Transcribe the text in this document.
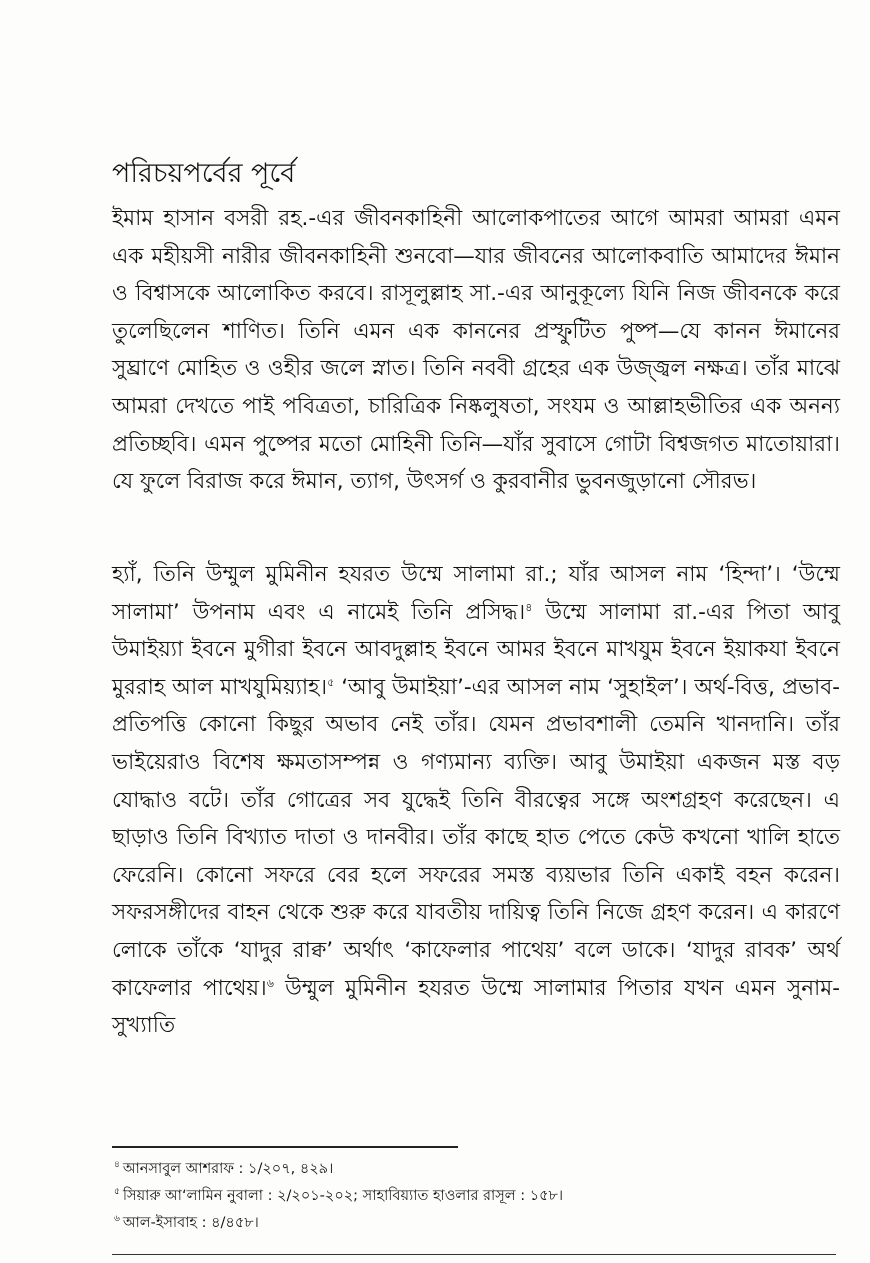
পরিচয়পর্বের পূর্বে

ইমাম হাসান বসরী রহ.-এর জীবনকাহিনী আলোকপাতের আগে আমরা আমরা এমন এক মহীয়সী নারীর জীবনকাহিনী শুনবো—যার জীবনের আলোকবাতি আমাদের ঈমান ও বিশ্বাসকে আলোকিত করবে। রাসূলুল্লাহ সা.-এর আনুকূল্যে যিনি নিজ জীবনকে করে তুলেছিলেন শাণিত। তিনি এমন এক কাননের প্রস্ফুটিত পুষ্প—যে কানন ঈমানের সুঘ্রাণে মোহিত ও ওহীর জলে স্নাত। তিনি নববী গ্রহের এক উজ্জ্বল নক্ষত্র। তাঁর মাঝে আমরা দেখতে পাই পবিত্রতা, চারিত্রিক নিষ্কলুষতা, সংযম ও আল্লাহভীতির এক অনন্য প্রতিচ্ছবি। এমন পুষ্পের মতো মোহিনী তিনি—যাঁর সুবাসে গোটা বিশ্বজগত মাতোয়ারা। যে ফুলে বিরাজ করে ঈমান, ত্যাগ, উৎসর্গ ও কুরবানীর ভুবনজুড়ানো সৌরভ।

হ্যাঁ, তিনি উম্মুল মুমিনীন হযরত উম্মে সালামা রা.; যাঁর আসল নাম ‘হিন্দা’। ‘উম্মে সালামা’ উপনাম এবং এ নামেই তিনি প্রসিদ্ধ।$^৪$ উম্মে সালামা রা.-এর পিতা আবু উমাইয়্যা ইবনে মুগীরা ইবনে আবদুল্লাহ ইবনে আমর ইবনে মাখযুম ইবনে ইয়াকযা ইবনে মুররাহ আল মাখযুমিয়্যাহ।$^৫$ ‘আবু উমাইয়া’-এর আসল নাম ‘সুহাইল’। অর্থ-বিত্ত, প্রভাব-প্রতিপত্তি কোনো কিছুর অভাব নেই তাঁর। যেমন প্রভাবশালী তেমনি খানদানি। তাঁর ভাইয়েরাও বিশেষ ক্ষমতাসম্পন্ন ও গণ্যমান্য ব্যক্তি। আবু উমাইয়া একজন মস্ত বড় যোদ্ধাও বটে। তাঁর গোত্রের সব যুদ্ধেই তিনি বীরত্বের সঙ্গে অংশগ্রহণ করেছেন। এ ছাড়াও তিনি বিখ্যাত দাতা ও দানবীর। তাঁর কাছে হাত পেতে কেউ কখনো খালি হাতে ফেরেনি। কোনো সফরে বের হলে সফরের সমস্ত ব্যয়ভার তিনি একাই বহন করেন। সফরসঙ্গীদের বাহন থেকে শুরু করে যাবতীয় দায়িত্ব তিনি নিজে গ্রহণ করেন। এ কারণে লোকে তাঁকে ‘যাদুর রাক্ব’ অর্থাৎ ‘কাফেলার পাথেয়’ বলে ডাকে। ‘যাদুর রাবক’ অর্থ কাফেলার পাথেয়।$^৬$ উম্মুল মুমিনীন হযরত উম্মে সালামার পিতার যখন এমন সুনাম-সুখ্যাতি

$^৪$ আনসাবুল আশরাফ : ১/২০৭, ৪২৯।
$^৫$ সিয়ারু আ‘লামিন নুবালা : ২/২০১-২০২; সাহাবিয়্যাত হাওলার রাসূল : ১৫৮।
$^৬$ আল-ইসাবাহ : ৪/৪৫৮।
